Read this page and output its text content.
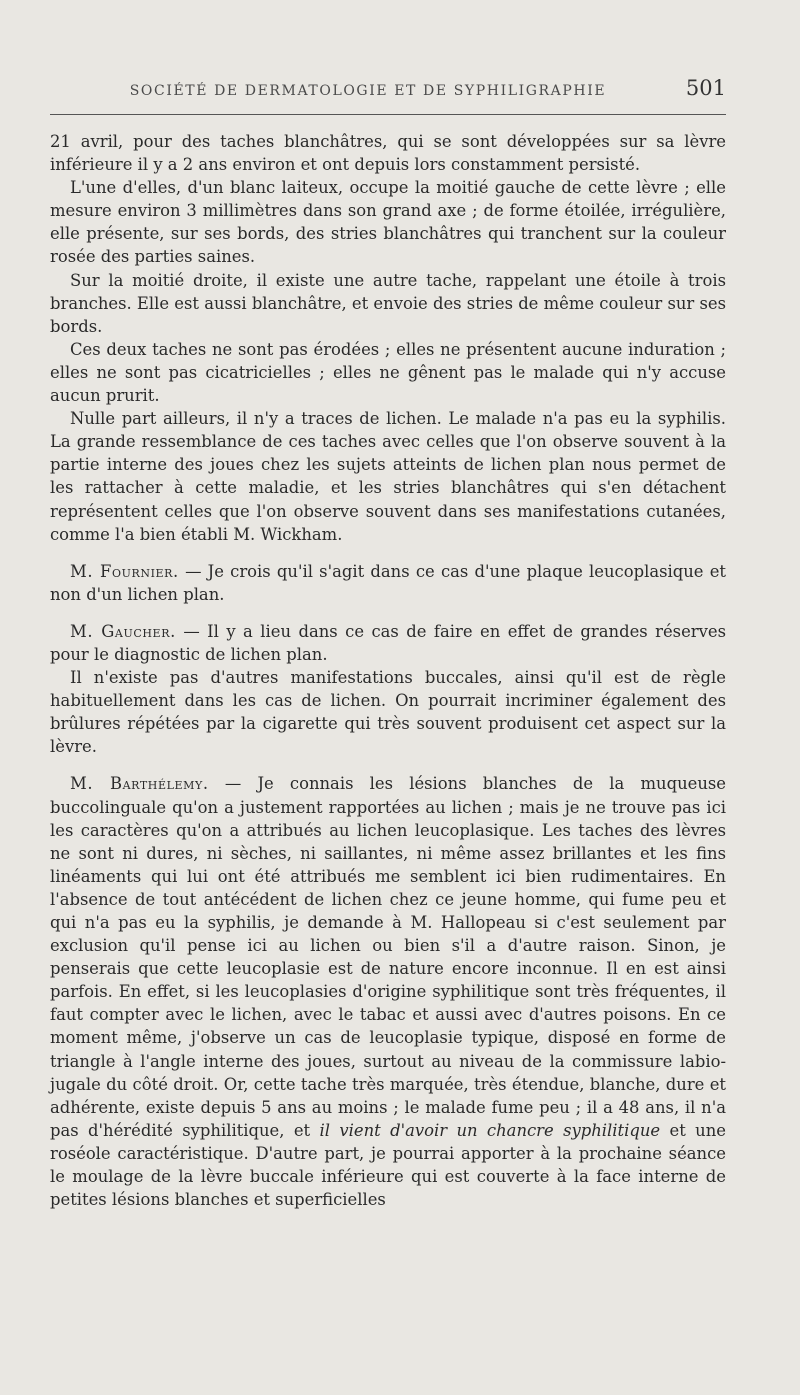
SOCIÉTÉ DE DERMATOLOGIE ET DE SYPHILIGRAPHIE	501

21 avril, pour des taches blanchâtres, qui se sont développées sur sa lèvre inférieure il y a 2 ans environ et ont depuis lors constamment persisté.

L'une d'elles, d'un blanc laiteux, occupe la moitié gauche de cette lèvre ; elle mesure environ 3 millimètres dans son grand axe ; de forme étoilée, irrégulière, elle présente, sur ses bords, des stries blanchâtres qui tranchent sur la couleur rosée des parties saines.

Sur la moitié droite, il existe une autre tache, rappelant une étoile à trois branches. Elle est aussi blanchâtre, et envoie des stries de même couleur sur ses bords.

Ces deux taches ne sont pas érodées ; elles ne présentent aucune induration ; elles ne sont pas cicatricielles ; elles ne gênent pas le malade qui n'y accuse aucun prurit.

Nulle part ailleurs, il n'y a traces de lichen. Le malade n'a pas eu la syphilis. La grande ressemblance de ces taches avec celles que l'on observe souvent à la partie interne des joues chez les sujets atteints de lichen plan nous permet de les rattacher à cette maladie, et les stries blanchâtres qui s'en détachent représentent celles que l'on observe souvent dans ses manifestations cutanées, comme l'a bien établi M. Wickham.

M. Fournier. — Je crois qu'il s'agit dans ce cas d'une plaque leucoplasique et non d'un lichen plan.

M. Gaucher. — Il y a lieu dans ce cas de faire en effet de grandes réserves pour le diagnostic de lichen plan.

Il n'existe pas d'autres manifestations buccales, ainsi qu'il est de règle habituellement dans les cas de lichen. On pourrait incriminer également des brûlures répétées par la cigarette qui très souvent produisent cet aspect sur la lèvre.

M. Barthélemy. — Je connais les lésions blanches de la muqueuse buccolinguale qu'on a justement rapportées au lichen ; mais je ne trouve pas ici les caractères qu'on a attribués au lichen leucoplasique. Les taches des lèvres ne sont ni dures, ni sèches, ni saillantes, ni même assez brillantes et les fins linéaments qui lui ont été attribués me semblent ici bien rudimentaires. En l'absence de tout antécédent de lichen chez ce jeune homme, qui fume peu et qui n'a pas eu la syphilis, je demande à M. Hallopeau si c'est seulement par exclusion qu'il pense ici au lichen ou bien s'il a d'autre raison. Sinon, je penserais que cette leucoplasie est de nature encore inconnue. Il en est ainsi parfois. En effet, si les leucoplasies d'origine syphilitique sont très fréquentes, il faut compter avec le lichen, avec le tabac et aussi avec d'autres poisons. En ce moment même, j'observe un cas de leucoplasie typique, disposé en forme de triangle à l'angle interne des joues, surtout au niveau de la commissure labio-jugale du côté droit. Or, cette tache très marquée, très étendue, blanche, dure et adhérente, existe depuis 5 ans au moins ; le malade fume peu ; il a 48 ans, il n'a pas d'hérédité syphilitique, et il vient d'avoir un chancre syphilitique et une roséole caractéristique. D'autre part, je pourrai apporter à la prochaine séance le moulage de la lèvre buccale inférieure qui est couverte à la face interne de petites lésions blanches et superficielles
